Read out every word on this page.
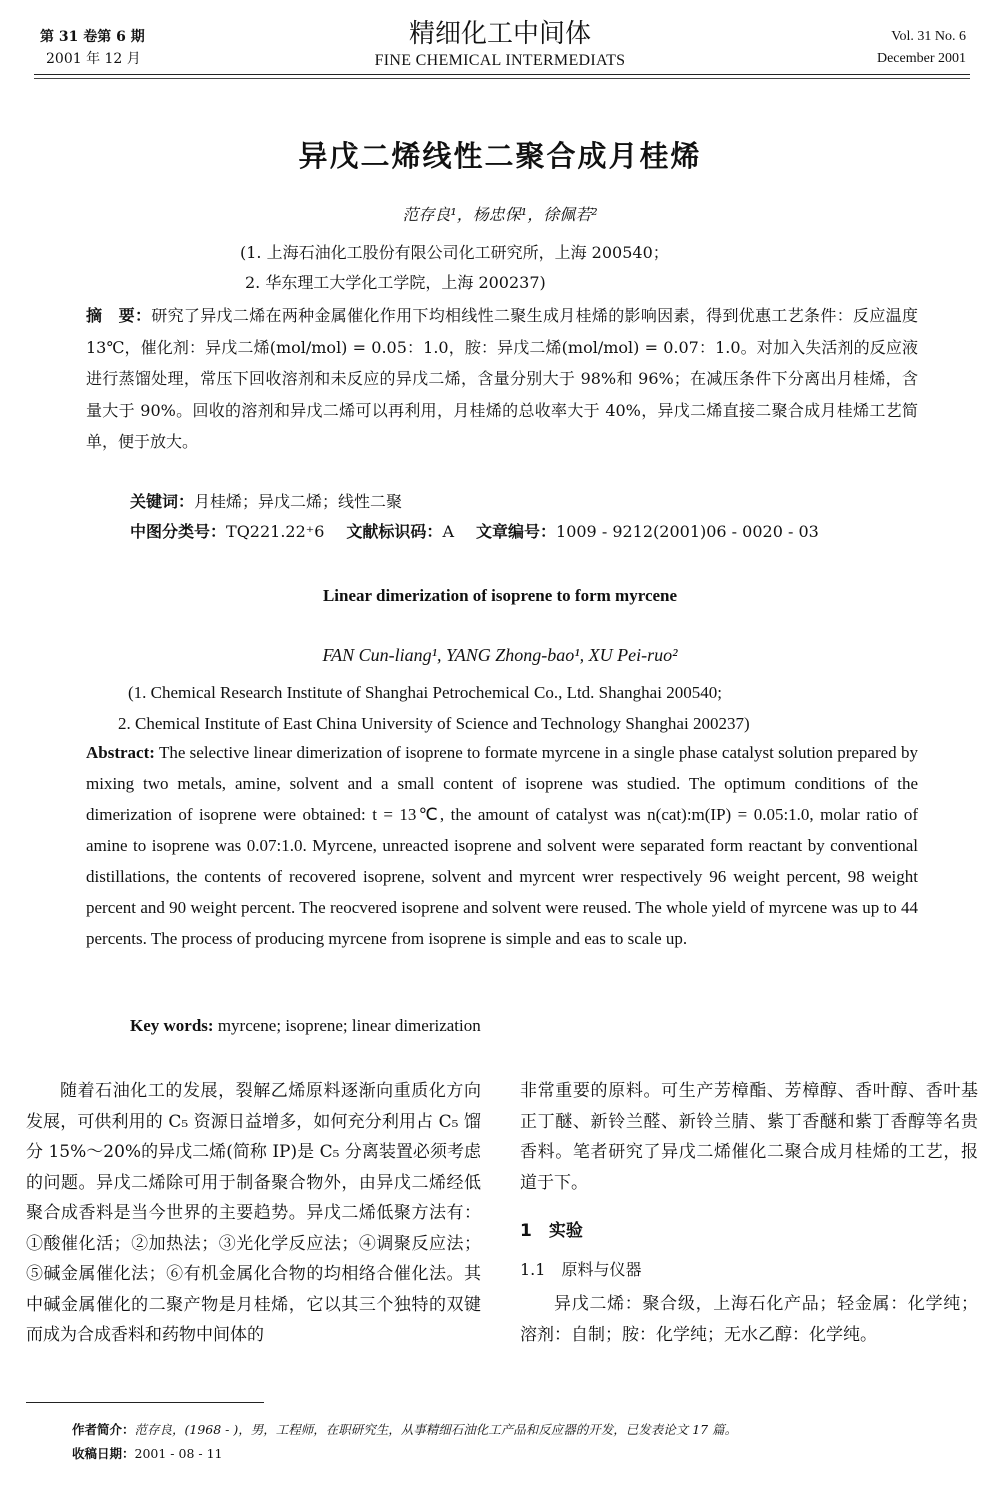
第 31 卷第 6 期
2001 年 12 月
精细化工中间体
FINE CHEMICAL INTERMEDIATS
Vol. 31 No. 6
December 2001
异戊二烯线性二聚合成月桂烯
范存良¹，杨忠保¹，徐佩若²
(1. 上海石油化工股份有限公司化工研究所，上海 200540；
2. 华东理工大学化工学院，上海 200237)
摘　要：研究了异戊二烯在两种金属催化作用下均相线性二聚生成月桂烯的影响因素，得到优惠工艺条件：反应温度 13℃，催化剂：异戊二烯(mol/mol) = 0.05：1.0，胺：异戊二烯(mol/mol) = 0.07：1.0。对加入失活剂的反应液进行蒸馏处理，常压下回收溶剂和未反应的异戊二烯，含量分别大于 98%和 96%；在减压条件下分离出月桂烯，含量大于 90%。回收的溶剂和异戊二烯可以再利用，月桂烯的总收率大于 40%，异戊二烯直接二聚合成月桂烯工艺简单，便于放大。
关键词：月桂烯；异戊二烯；线性二聚
中图分类号：TQ221.22⁺6 文献标识码：A 文章编号：1009 - 9212(2001)06 - 0020 - 03
Linear dimerization of isoprene to form myrcene
FAN Cun-liang¹, YANG Zhong-bao¹, XU Pei-ruo²
(1. Chemical Research Institute of Shanghai Petrochemical Co., Ltd. Shanghai 200540;
2. Chemical Institute of East China University of Science and Technology Shanghai 200237)
Abstract: The selective linear dimerization of isoprene to formate myrcene in a single phase catalyst solution prepared by mixing two metals, amine, solvent and a small content of isoprene was studied. The optimum conditions of the dimerization of isoprene were obtained: t = 13℃, the amount of catalyst was n(cat):m(IP) = 0.05:1.0, molar ratio of amine to isoprene was 0.07:1.0. Myrcene, unreacted isoprene and solvent were separated form reactant by conventional distillations, the contents of recovered isoprene, solvent and myrcent wrer respectively 96 weight percent, 98 weight percent and 90 weight percent. The reocvered isoprene and solvent were reused. The whole yield of myrcene was up to 44 percents. The process of producing myrcene from isoprene is simple and eas to scale up.
Key words: myrcene; isoprene; linear dimerization

随着石油化工的发展，裂解乙烯原料逐渐向重质化方向发展，可供利用的 C₅ 资源日益增多，如何充分利用占 C₅ 馏分 15%～20%的异戊二烯(简称 IP)是 C₅ 分离装置必须考虑的问题。异戊二烯除可用于制备聚合物外，由异戊二烯经低聚合成香料是当今世界的主要趋势。异戊二烯低聚方法有：①酸催化活；②加热法；③光化学反应法；④调聚反应法；⑤碱金属催化法；⑥有机金属化合物的均相络合催化法。其中碱金属催化的二聚产物是月桂烯，它以其三个独特的双键而成为合成香料和药物中间体的

非常重要的原料。可生产芳樟酯、芳樟醇、香叶醇、香叶基正丁醚、新铃兰醛、新铃兰腈、紫丁香醚和紫丁香醇等名贵香料。笔者研究了异戊二烯催化二聚合成月桂烯的工艺，报道于下。

1　实验

1.1　原料与仪器

异戊二烯：聚合级，上海石化产品；轻金属：化学纯；溶剂：自制；胺：化学纯；无水乙醇：化学纯。

作者简介：范存良，(1968 - )，男，工程师，在职研究生，从事精细石油化工产品和反应器的开发，已发表论文 17 篇。
收稿日期：2001 - 08 - 11
